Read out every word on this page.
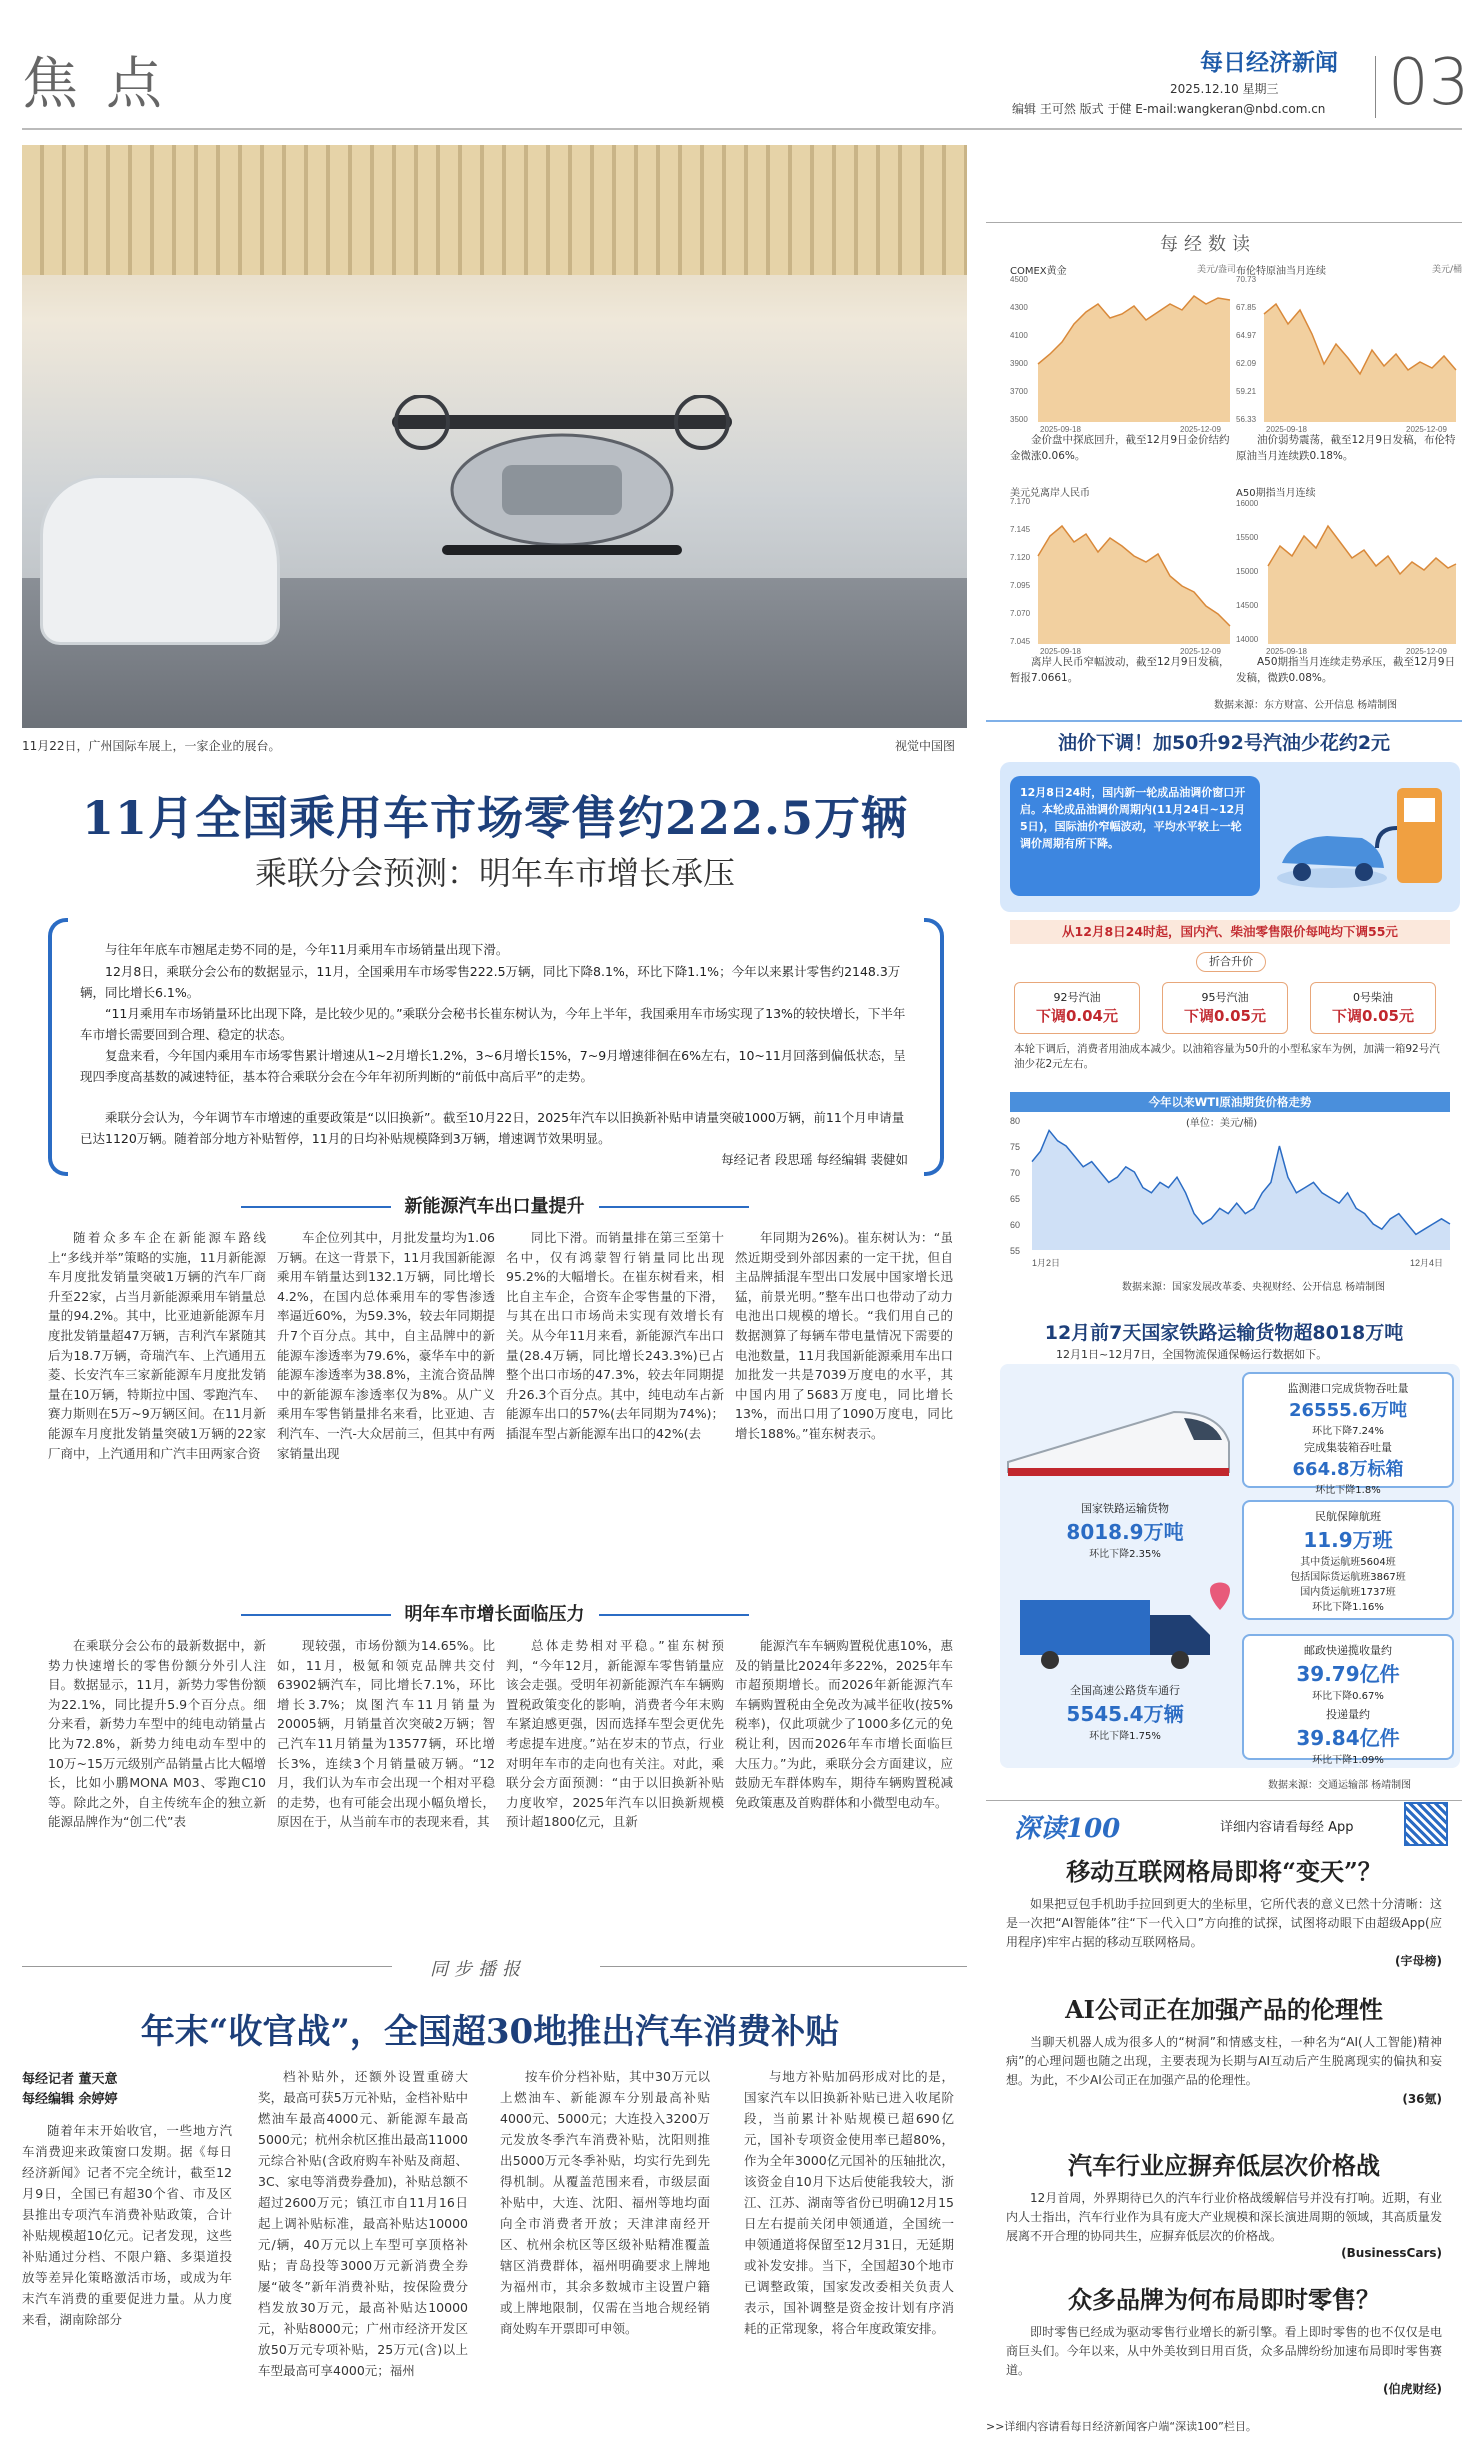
焦点	每日经济新闻
2025.12.10 星期三
编辑 王可然 版式 于健 E-mail:wangkeran@nbd.com.cn 03
11月22日，广州国际车展上，一家企业的展台。	视觉中国图
11月全国乘用车市场零售约222.5万辆
乘联分会预测：明年车市增长承压

与往年年底车市翘尾走势不同的是，今年11月乘用车市场销量出现下滑。

12月8日，乘联分会公布的数据显示，11月，全国乘用车市场零售222.5万辆，同比下降8.1%，环比下降1.1%；今年以来累计零售约2148.3万辆，同比增长6.1%。

“11月乘用车市场销量环比出现下降，是比较少见的。”乘联分会秘书长崔东树认为，今年上半年，我国乘用车市场实现了13%的较快增长，下半年车市增长需要回到合理、稳定的状态。

复盘来看，今年国内乘用车市场零售累计增速从1~2月增长1.2%，3~6月增长15%，7~9月增速徘徊在6%左右，10~11月回落到偏低状态，呈现四季度高基数的减速特征，基本符合乘联分会在今年年初所判断的“前低中高后平”的走势。

乘联分会认为，今年调节车市增速的重要政策是“以旧换新”。截至10月22日，2025年汽车以旧换新补贴申请量突破1000万辆，前11个月申请量已达1120万辆。随着部分地方补贴暂停，11月的日均补贴规模降到3万辆，增速调节效果明显。

每经记者 段思瑶 每经编辑 裴健如
新能源汽车出口量提升
随着众多车企在新能源车路线上“多线并举”策略的实施，11月新能源车月度批发销量突破1万辆的汽车厂商升至22家，占当月新能源乘用车销量总量的94.2%。其中，比亚迪新能源车月度批发销量超47万辆，吉利汽车紧随其后为18.7万辆，奇瑞汽车、上汽通用五菱、长安汽车三家新能源车月度批发销量在10万辆，特斯拉中国、零跑汽车、赛力斯则在5万~9万辆区间。在11月新能源车月度批发销量突破1万辆的22家厂商中，上汽通用和广汽丰田两家合资
车企位列其中，月批发量均为1.06万辆。在这一背景下，11月我国新能源乘用车销量达到132.1万辆，同比增长4.2%，在国内总体乘用车的零售渗透率逼近60%，为59.3%，较去年同期提升7个百分点。其中，自主品牌中的新能源车渗透率为79.6%，豪华车中的新能源车渗透率为38.8%，主流合资品牌中的新能源车渗透率仅为8%。从广义乘用车零售销量排名来看，比亚迪、吉利汽车、一汽-大众居前三，但其中有两家销量出现
同比下滑。而销量排在第三至第十名中，仅有鸿蒙智行销量同比出现95.2%的大幅增长。在崔东树看来，相比自主车企，合资车企零售量的下滑，与其在出口市场尚未实现有效增长有关。从今年11月来看，新能源汽车出口量(28.4万辆，同比增长243.3%)已占整个出口市场的47.3%，较去年同期提升26.3个百分点。其中，纯电动车占新能源车出口的57%(去年同期为74%)；插混车型占新能源车出口的42%(去
年同期为26%)。崔东树认为：“虽然近期受到外部因素的一定干扰，但自主品牌插混车型出口发展中国家增长迅猛，前景光明。”整车出口也带动了动力电池出口规模的增长。“我们用自己的数据测算了每辆车带电量情况下需要的电池数量，11月我国新能源乘用车出口加批发一共是7039万度电的水平，其中国内用了5683万度电，同比增长13%，而出口用了1090万度电，同比增长188%。”崔东树表示。
明年车市增长面临压力
在乘联分会公布的最新数据中，新势力快速增长的零售份额分外引人注目。数据显示，11月，新势力零售份额为22.1%，同比提升5.9个百分点。细分来看，新势力车型中的纯电动销量占比为72.8%，新势力纯电动车型中的10万~15万元级别产品销量占比大幅增长，比如小鹏MONA M03、零跑C10等。除此之外，自主传统车企的独立新能源品牌作为“创二代”表
现较强，市场份额为14.65%。比如，11月，极氪和领克品牌共交付63902辆汽车，同比增长7.1%，环比增长3.7%；岚图汽车11月销量为20005辆，月销量首次突破2万辆；智己汽车11月销量为13577辆，环比增长3%，连续3个月销量破万辆。“12月，我们认为车市会出现一个相对平稳的走势，也有可能会出现小幅负增长，原因在于，从当前车市的表现来看，其
总体走势相对平稳。”崔东树预判，“今年12月，新能源车零售销量应该会走强。受明年初新能源汽车车辆购置税政策变化的影响，消费者今年末购车紧迫感更强，因而选择车型会更优先考虑提车进度。”站在岁末的节点，行业对明年车市的走向也有关注。对此，乘联分会方面预测：“由于以旧换新补贴力度收窄，2025年汽车以旧换新规模预计超1800亿元，且新
能源汽车车辆购置税优惠10%，惠及的销量比2024年多22%，2025年车市超预期增长。而2026年新能源汽车车辆购置税由全免改为减半征收(按5%税率)，仅此项就少了1000多亿元的免税让利，因而2026年车市增长面临巨大压力。”为此，乘联分会方面建议，应鼓励无车群体购车，期待车辆购置税减免政策惠及首购群体和小微型电动车。
每经数读
COMEX黄金	美元/盎司
4500
4300
4100
3900
3700
3500
2025-09-18	2025-12-09
金价盘中探底回升，截至12月9日金价结约金微涨0.06%。
布伦特原油当月连续	美元/桶
70.73
67.85
64.97
62.09
59.21
56.33
2025-09-18	2025-12-09
油价弱势震荡，截至12月9日发稿，布伦特原油当月连续跌0.18%。
美元兑离岸人民币
7.170
7.145
7.120
7.095
7.070
7.045
2025-09-18	2025-12-09
离岸人民币窄幅波动，截至12月9日发稿，暂报7.0661。
A50期指当月连续
16000
15500
15000
14500
14000
2025-09-18	2025-12-09
A50期指当月连续走势承压，截至12月9日发稿，微跌0.08%。
数据来源：东方财富、公开信息 杨靖制图
油价下调！加50升92号汽油少花约2元
12月8日24时，国内新一轮成品油调价窗口开启。本轮成品油调价周期内(11月24日~12月5日)，国际油价窄幅波动，平均水平较上一轮调价周期有所下降。
从12月8日24时起，国内汽、柴油零售限价每吨均下调55元
折合升价
92号汽油
下调0.04元
95号汽油
下调0.05元
0号柴油
下调0.05元
本轮下调后，消费者用油成本减少。以油箱容量为50升的小型私家车为例，加满一箱92号汽油少花2元左右。
今年以来WTI原油期货价格走势
(单位：美元/桶)
80
75
70
65
60
55
1月2日	12月4日
数据来源：国家发展改革委、央视财经、公开信息 杨靖制图
12月前7天国家铁路运输货物超8018万吨
12月1日~12月7日，全国物流保通保畅运行数据如下。
监测港口完成货物吞吐量
26555.6万吨
环比下降7.24%
完成集装箱吞吐量
664.8万标箱
环比下降1.8%
国家铁路运输货物
8018.9万吨
环比下降2.35%
民航保障航班
11.9万班
其中货运航班5604班
包括国际货运航班3867班
国内货运航班1737班
环比下降1.16%
全国高速公路货车通行
5545.4万辆
环比下降1.75%
邮政快递揽收量约
39.79亿件
环比下降0.67%
投递量约
39.84亿件
环比下降1.09%
数据来源：交通运输部 杨靖制图
深读100	详细内容请看每经 App
移动互联网格局即将“变天”？

如果把豆包手机助手拉回到更大的坐标里，它所代表的意义已然十分清晰：这是一次把“AI智能体”往“下一代入口”方向推的试探，试图将动眼下由超级App(应用程序)牢牢占据的移动互联网格局。

(宇母榜)
AI公司正在加强产品的伦理性

当聊天机器人成为很多人的“树洞”和情感支柱，一种名为“AI(人工智能)精神病”的心理问题也随之出现，主要表现为长期与AI互动后产生脱离现实的偏执和妄想。为此，不少AI公司正在加强产品的伦理性。

(36氪)
汽车行业应摒弃低层次价格战

12月首周，外界期待已久的汽车行业价格战缓解信号并没有打响。近期，有业内人士指出，汽车行业作为具有庞大产业规模和深长演进周期的领域，其高质量发展离不开合理的协同共生，应摒弃低层次的价格战。

(BusinessCars)
众多品牌为何布局即时零售？

即时零售已经成为驱动零售行业增长的新引擎。看上即时零售的也不仅仅是电商巨头们。今年以来，从中外美妆到日用百货，众多品牌纷纷加速布局即时零售赛道。

(伯虎财经)
>>详细内容请看每日经济新闻客户端“深读100”栏目。
同步播报
年末“收官战”，全国超30地推出汽车消费补贴
每经记者 董天意
每经编辑 余婷婷
随着年末开始收官，一些地方汽车消费迎来政策窗口发期。据《每日经济新闻》记者不完全统计，截至12月9日，全国已有超30个省、市及区县推出专项汽车消费补贴政策，合计补贴规模超10亿元。记者发现，这些补贴通过分档、不限户籍、多渠道投放等差异化策略激活市场，或成为年末汽车消费的重要促进力量。从力度来看，湖南除部分
档补贴外，还额外设置重磅大奖，最高可获5万元补贴，金档补贴中燃油车最高4000元、新能源车最高5000元；杭州余杭区推出最高11000元综合补贴(含政府购车补贴及商超、3C、家电等消费券叠加)，补贴总额不超过2600万元；镇江市自11月16日起上调补贴标准，最高补贴达10000元/辆，40万元以上车型可享顶格补贴；青岛投等3000万元新消费全券屡“破冬”新年消费补贴，按保险费分档发放30万元，最高补贴达10000元，补贴8000元；广州市经济开发区放50万元专项补贴，25万元(含)以上车型最高可享4000元；福州
按车价分档补贴，其中30万元以上燃油车、新能源车分别最高补贴4000元、5000元；大连投入3200万元发放冬季汽车消费补贴，沈阳则推出5000万元冬季补贴，均实行先到先得机制。从覆盖范围来看，市级层面补贴中，大连、沈阳、福州等地均面向全市消费者开放；天津津南经开区、杭州余杭区等区级补贴精准覆盖辖区消费群体，福州明确要求上牌地为福州市，其余多数城市主设置户籍或上牌地限制，仅需在当地合规经销商处购车开票即可申领。
与地方补贴加码形成对比的是，国家汽车以旧换新补贴已进入收尾阶段，当前累计补贴规模已超690亿元，国补专项资金使用率已超80%，作为全年3000亿元国补的压轴批次，该资金自10月下达后使能我较大，浙江、江苏、湖南等省份已明确12月15日左右提前关闭申领通道，全国统一申领通道将保留至12月31日，无延期或补发安排。当下，全国超30个地市已调整政策，国家发改委相关负责人表示，国补调整是资金按计划有序消耗的正常现象，将合年度政策安排。
